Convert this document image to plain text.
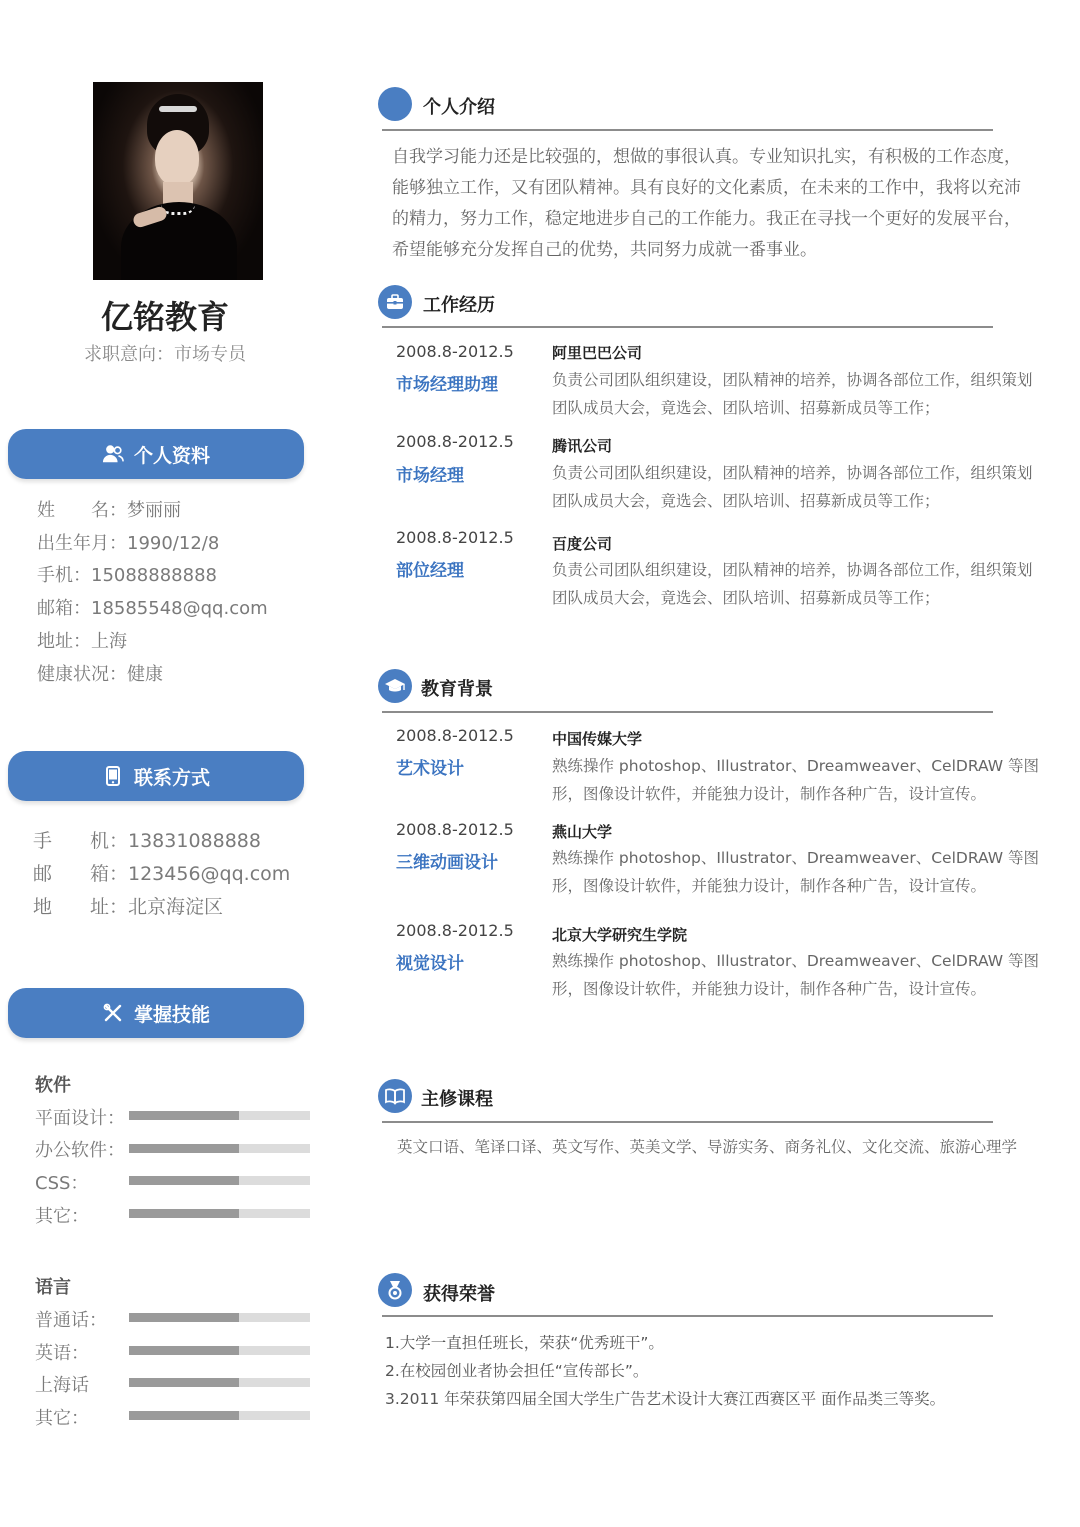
亿铭教育
求职意向：市场专员
个人资料
姓　　名：梦丽丽
出生年月：1990/12/8
手机：15088888888
邮箱：18585548@qq.com
地址：上海
健康状况：健康
联系方式
手　　机：13831088888
邮　　箱：123456@qq.com
地　　址：北京海淀区
掌握技能
软件
平面设计：
办公软件：
CSS：
其它：
语言
普通话：
英语：
上海话
其它：
个人介绍
自我学习能力还是比较强的，想做的事很认真。专业知识扎实，有积极的工作态度，能够独立工作，又有团队精神。具有良好的文化素质，在未来的工作中，我将以充沛的精力，努力工作，稳定地进步自己的工作能力。我正在寻找一个更好的发展平台，希望能够充分发挥自己的优势，共同努力成就一番事业。
工作经历
2008.8-2012.5
市场经理助理
阿里巴巴公司
负责公司团队组织建设，团队精神的培养，协调各部位工作，组织策划团队成员大会，竟选会、团队培训、招募新成员等工作；
2008.8-2012.5
市场经理
腾讯公司
负责公司团队组织建设，团队精神的培养，协调各部位工作，组织策划团队成员大会，竟选会、团队培训、招募新成员等工作；
2008.8-2012.5
部位经理
百度公司
负责公司团队组织建设，团队精神的培养，协调各部位工作，组织策划团队成员大会，竟选会、团队培训、招募新成员等工作；
教育背景
2008.8-2012.5
艺术设计
中国传媒大学
熟练操作 photoshop、Illustrator、Dreamweaver、CelDRAW 等图形，图像设计软件，并能独力设计，制作各种广告，设计宣传。
2008.8-2012.5
三维动画设计
燕山大学
熟练操作 photoshop、Illustrator、Dreamweaver、CelDRAW 等图形，图像设计软件，并能独力设计，制作各种广告，设计宣传。
2008.8-2012.5
视觉设计
北京大学研究生学院
熟练操作 photoshop、Illustrator、Dreamweaver、CelDRAW 等图形，图像设计软件，并能独力设计，制作各种广告，设计宣传。
主修课程
英文口语、笔译口译、英文写作、英美文学、导游实务、商务礼仪、文化交流、旅游心理学
获得荣誉
1.大学一直担任班长，荣获“优秀班干”。
2.在校园创业者协会担任“宣传部长”。
3.2011 年荣获第四届全国大学生广告艺术设计大赛江西赛区平 面作品类三等奖。
